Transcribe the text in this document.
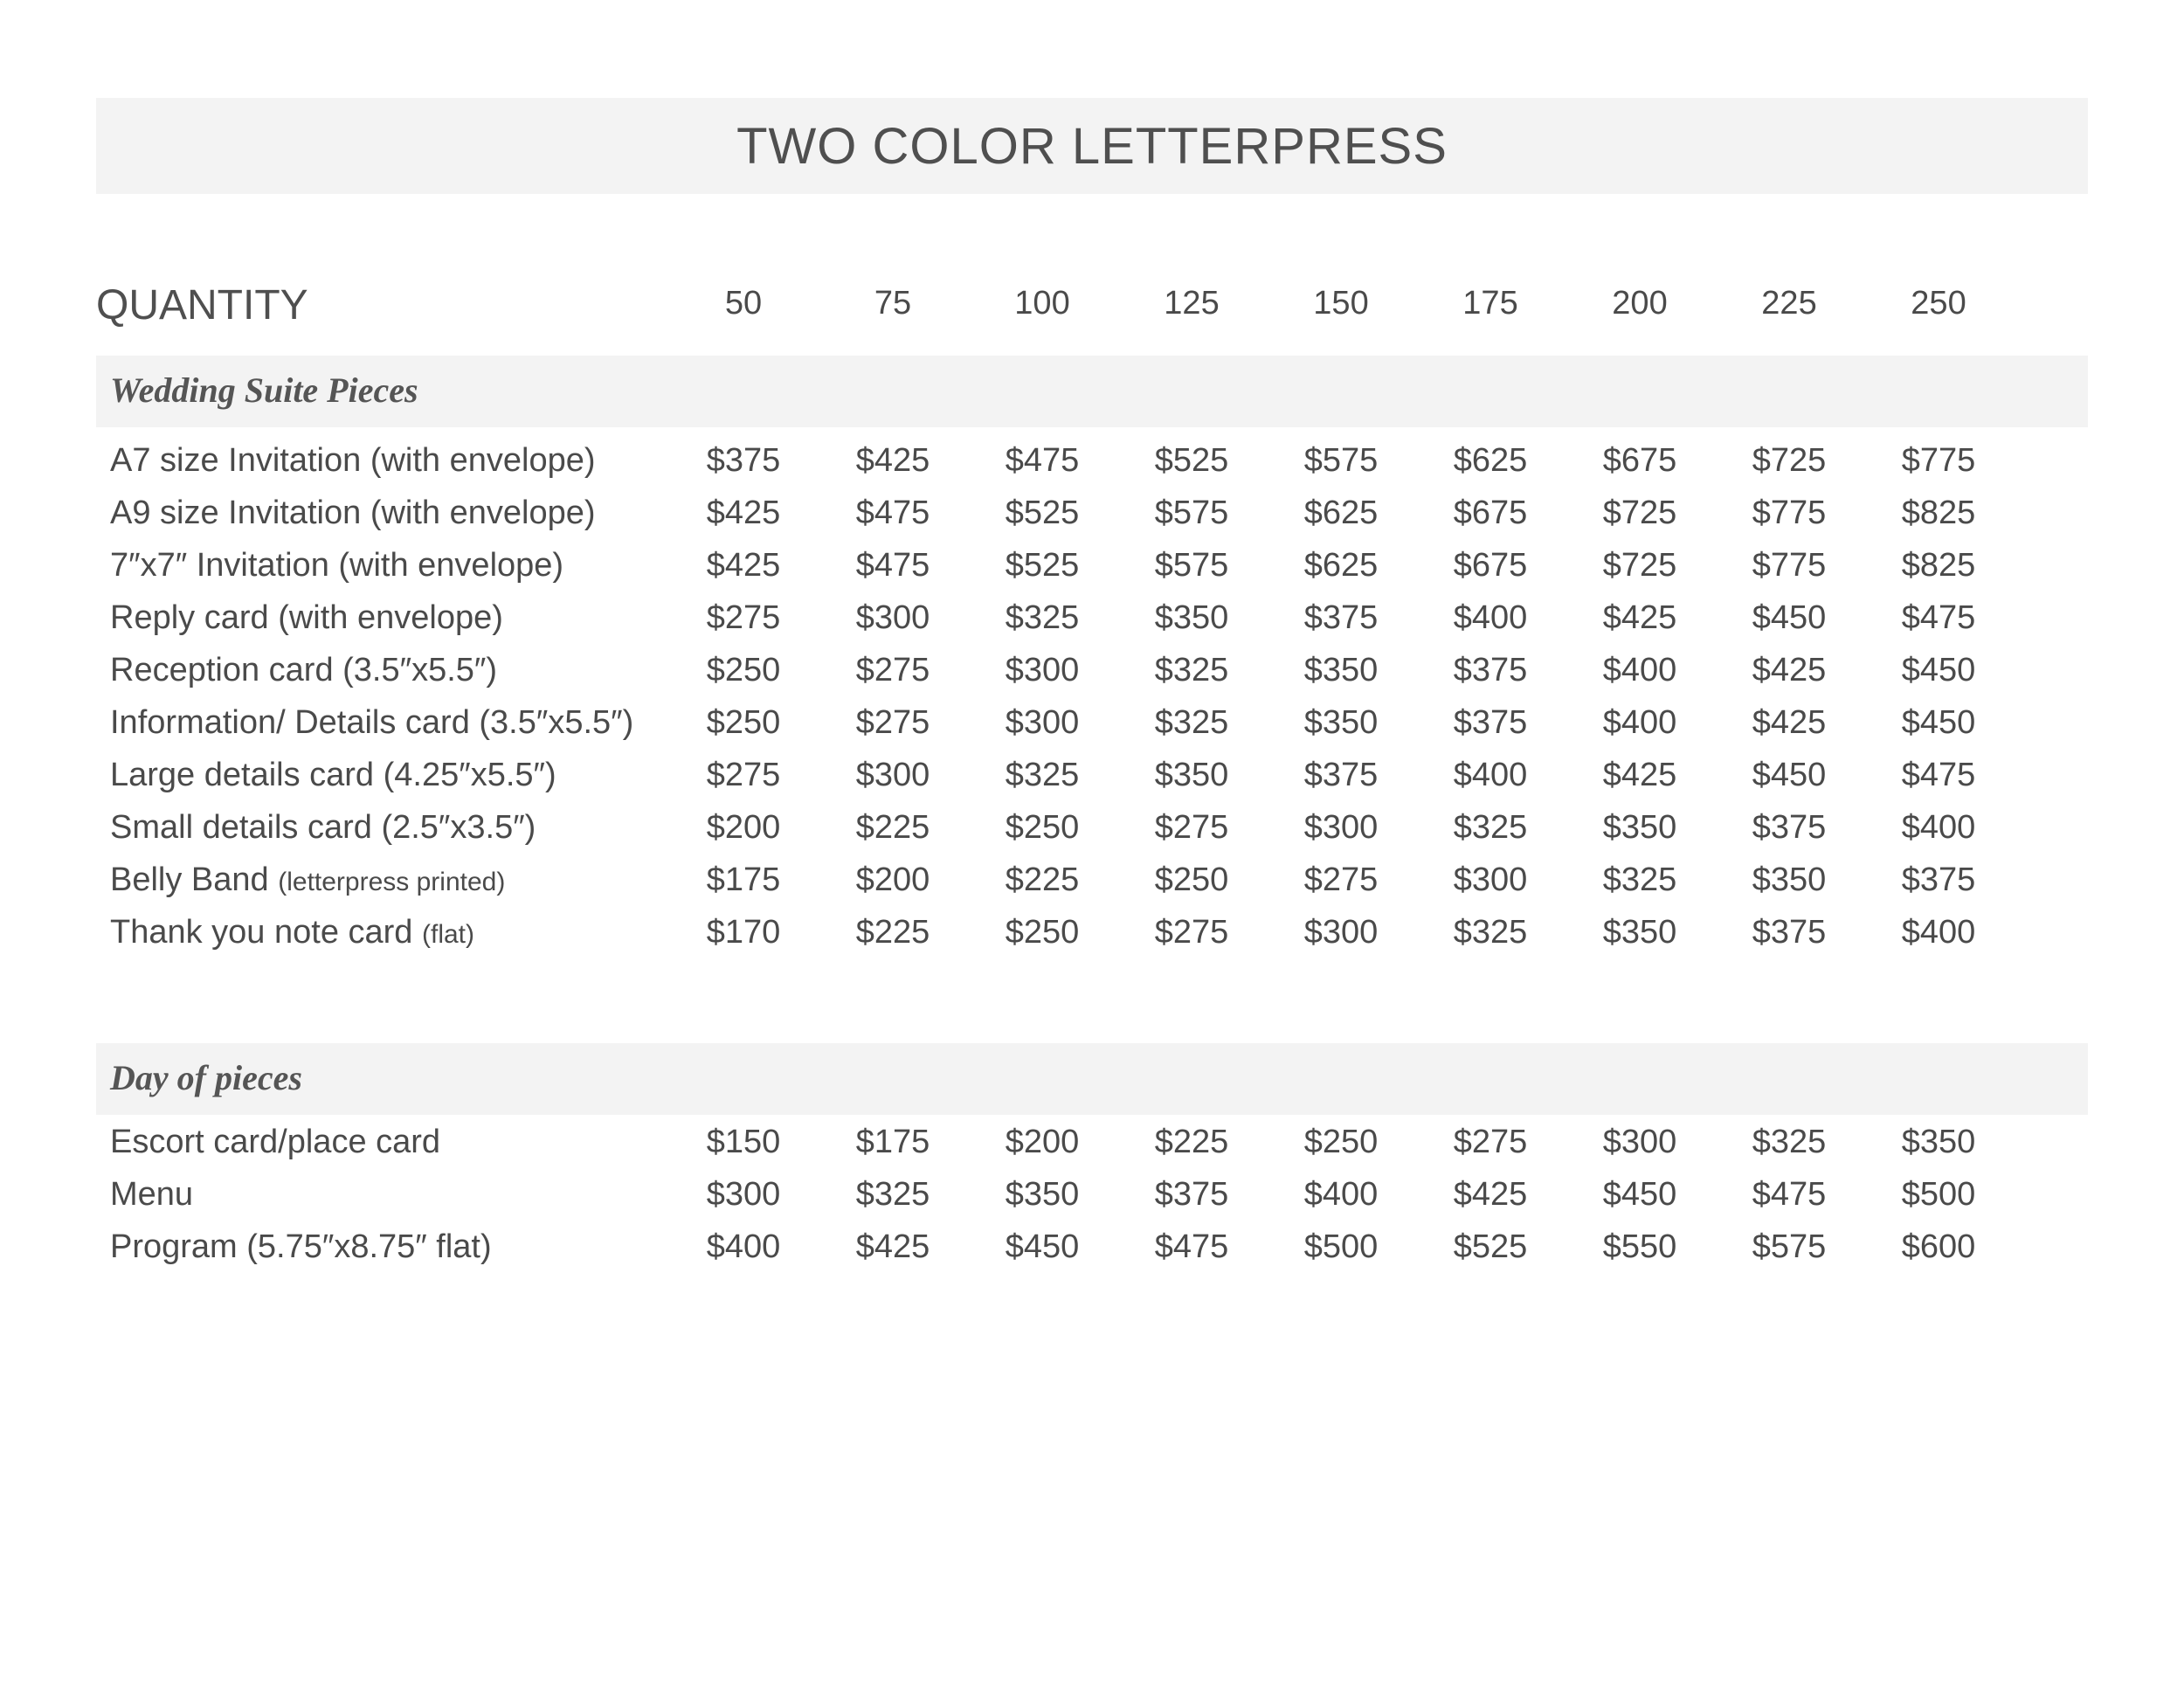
TWO COLOR LETTERPRESS
QUANTITY	50	75	100	125	150	175	200	225	250
Wedding Suite Pieces
Day of pieces
A7 size Invitation (with envelope)	$375	$425	$475	$525	$575	$625	$675	$725	$775
A9 size Invitation (with envelope)	$425	$475	$525	$575	$625	$675	$725	$775	$825
7″x7″ Invitation (with envelope)	$425	$475	$525	$575	$625	$675	$725	$775	$825
Reply card (with envelope)	$275	$300	$325	$350	$375	$400	$425	$450	$475
Reception card (3.5″x5.5″)	$250	$275	$300	$325	$350	$375	$400	$425	$450
Information/ Details card (3.5″x5.5″)	$250	$275	$300	$325	$350	$375	$400	$425	$450
Large details card (4.25″x5.5″)	$275	$300	$325	$350	$375	$400	$425	$450	$475
Small details card (2.5″x3.5″)	$200	$225	$250	$275	$300	$325	$350	$375	$400
Belly Band (letterpress printed)	$175	$200	$225	$250	$275	$300	$325	$350	$375
Thank you note card (flat)	$170	$225	$250	$275	$300	$325	$350	$375	$400
Escort card/place card	$150	$175	$200	$225	$250	$275	$300	$325	$350
Menu	$300	$325	$350	$375	$400	$425	$450	$475	$500
Program (5.75″x8.75″ flat)	$400	$425	$450	$475	$500	$525	$550	$575	$600
